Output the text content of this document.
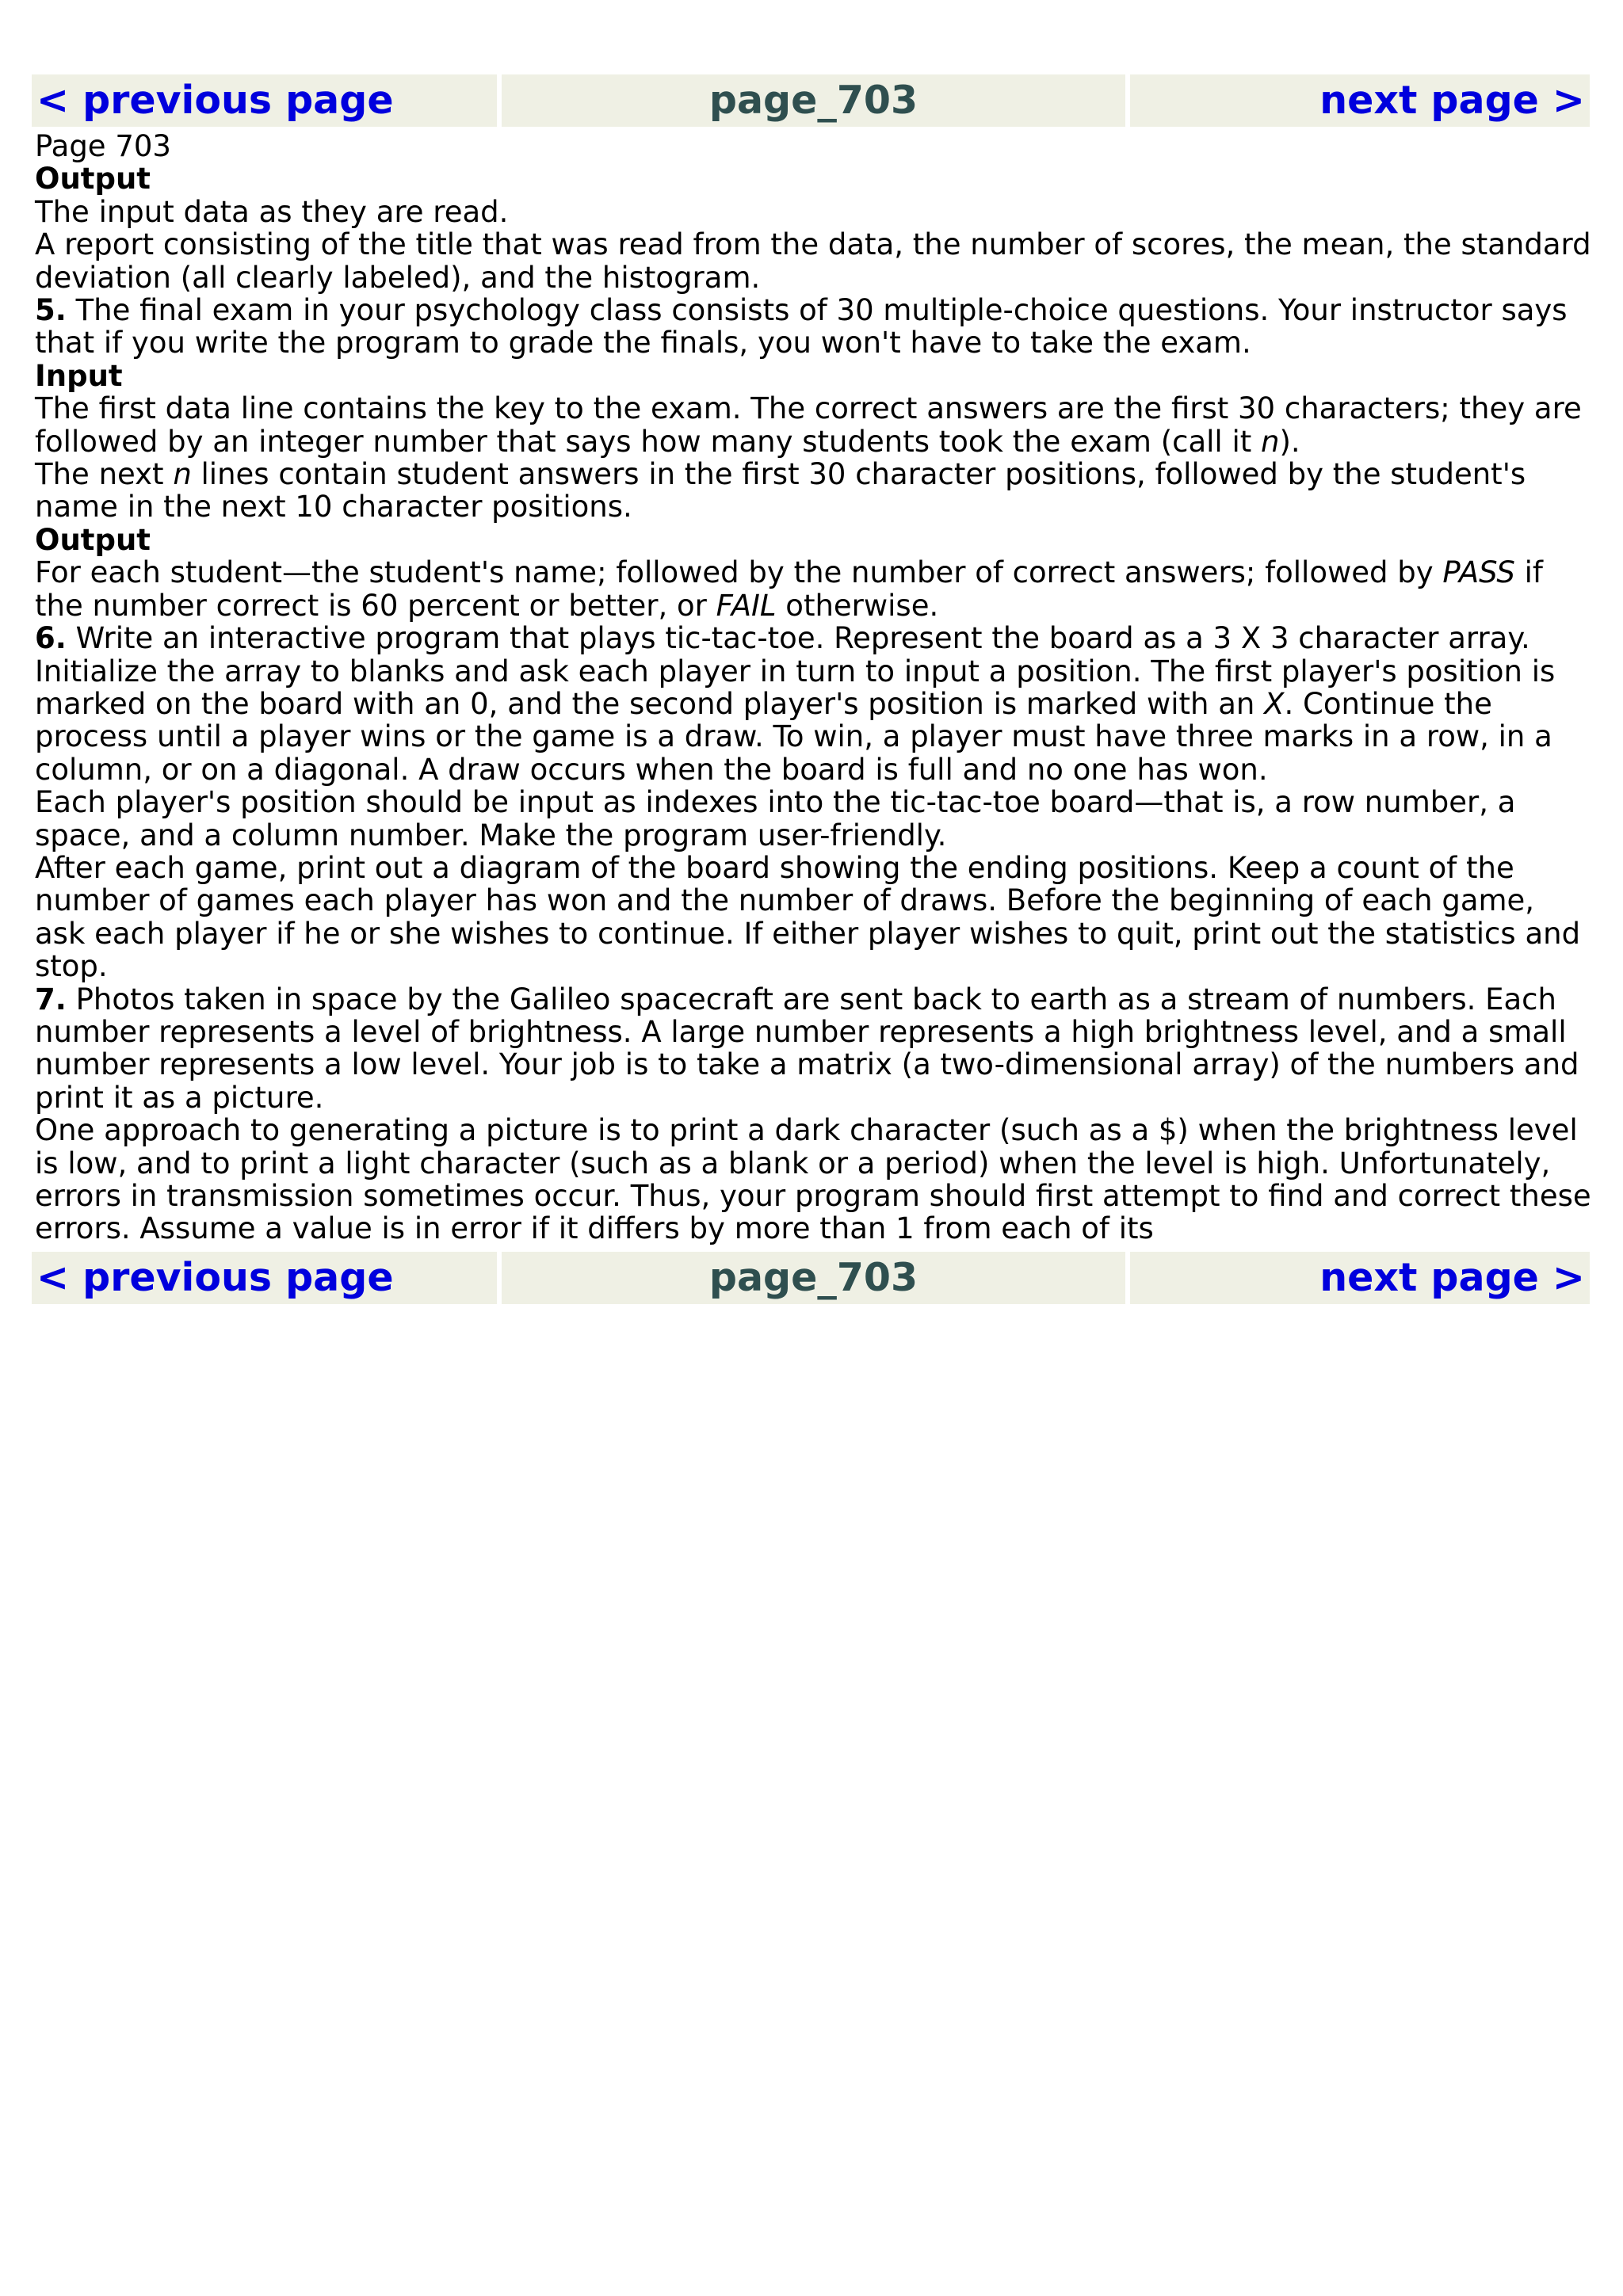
< previous page	page_703	next page >

Page 703

Output

The input data as they are read.

A report consisting of the title that was read from the data, the number of scores, the mean, the standard deviation (all clearly labeled), and the histogram.

5. The final exam in your psychology class consists of 30 multiple-choice questions. Your instructor says that if you write the program to grade the finals, you won't have to take the exam.

Input

The first data line contains the key to the exam. The correct answers are the first 30 characters; they are followed by an integer number that says how many students took the exam (call it n).

The next n lines contain student answers in the first 30 character positions, followed by the student's name in the next 10 character positions.

Output

For each student—the student's name; followed by the number of correct answers; followed by PASS if the number correct is 60 percent or better, or FAIL otherwise.

6. Write an interactive program that plays tic-tac-toe. Represent the board as a 3 X 3 character array. Initialize the array to blanks and ask each player in turn to input a position. The first player's position is marked on the board with an 0, and the second player's position is marked with an X. Continue the process until a player wins or the game is a draw. To win, a player must have three marks in a row, in a column, or on a diagonal. A draw occurs when the board is full and no one has won.

Each player's position should be input as indexes into the tic-tac-toe board—that is, a row number, a space, and a column number. Make the program user-friendly.

After each game, print out a diagram of the board showing the ending positions. Keep a count of the number of games each player has won and the number of draws. Before the beginning of each game, ask each player if he or she wishes to continue. If either player wishes to quit, print out the statistics and stop.

7. Photos taken in space by the Galileo spacecraft are sent back to earth as a stream of numbers. Each number represents a level of brightness. A large number represents a high brightness level, and a small number represents a low level. Your job is to take a matrix (a two-dimensional array) of the numbers and print it as a picture.

One approach to generating a picture is to print a dark character (such as a $) when the brightness level is low, and to print a light character (such as a blank or a period) when the level is high. Unfortunately, errors in transmission sometimes occur. Thus, your program should first attempt to find and correct these errors. Assume a value is in error if it differs by more than 1 from each of its

< previous page	page_703	next page >
